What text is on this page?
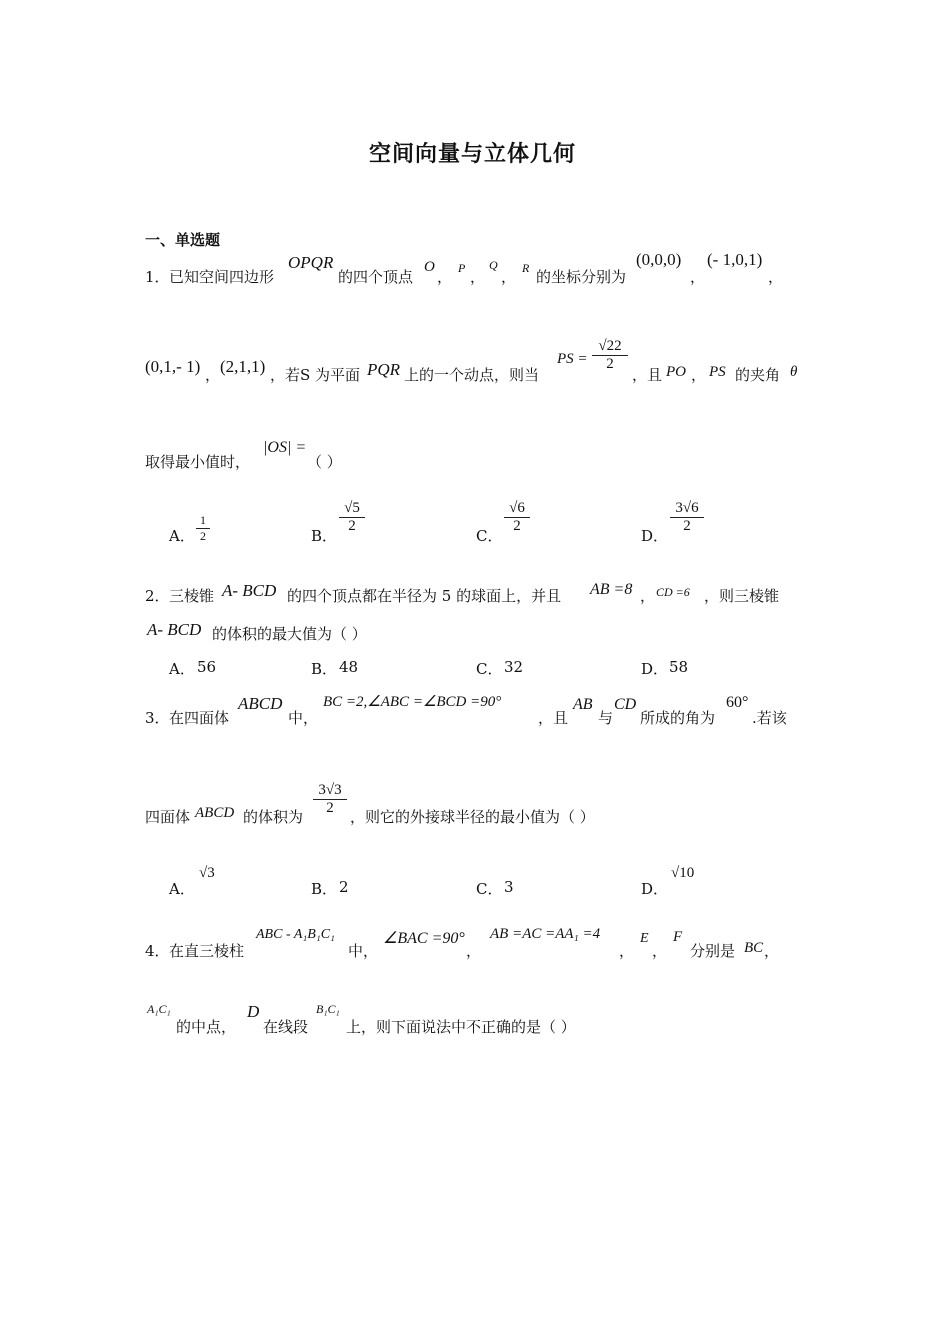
空间向量与立体几何
一、单选题
1． 已知空间四边形
OPQR
的四个顶点
O
， P ，
Q
， R 的坐标分别为
(0,0,0)
，
(- 1,0,1)
，
(0,1,- 1) ， (2,1,1) ，若S 为平面 PQR 上的一个动点，则当
PS = $\frac{√22}{2}$
，且 PO ， PS 的夹角 θ
取得最小值时，
|OS| =
（ ）
A． $\frac{1}{2}$	B．
$\frac{√5}{2}$
C．
$\frac{√6}{2}$
D．
$\frac{3√6}{2}$
2． 三棱锥 A- BCD 的四个顶点都在半径为 5 的球面上，并且 AB =8 ， CD =6 ，则三棱锥
A- BCD 的体积的最大值为（ ）
A． 56	B． 48	C． 32	D． 58
3． 在四面体
ABCD
中，
BC =2,∠ABC =∠BCD =90°
，且
AB
与
CD
所成的角为
60°
.若该
四面体 ABCD 的体积为 $\frac{3√3}{2}$ ，则它的外接球半径的最小值为（ ）
A．
√3
B． 2	C． 3	D．
√10
4． 在直三棱柱
ABC - A₁B₁C₁
中，
∠BAC =90°
，
AB =AC =AA₁ =4
，
E
，
F
分别是 BC ，
A₁C₁
的中点，
D
在线段
B₁C₁
上，则下面说法中不正确的是（ ）
